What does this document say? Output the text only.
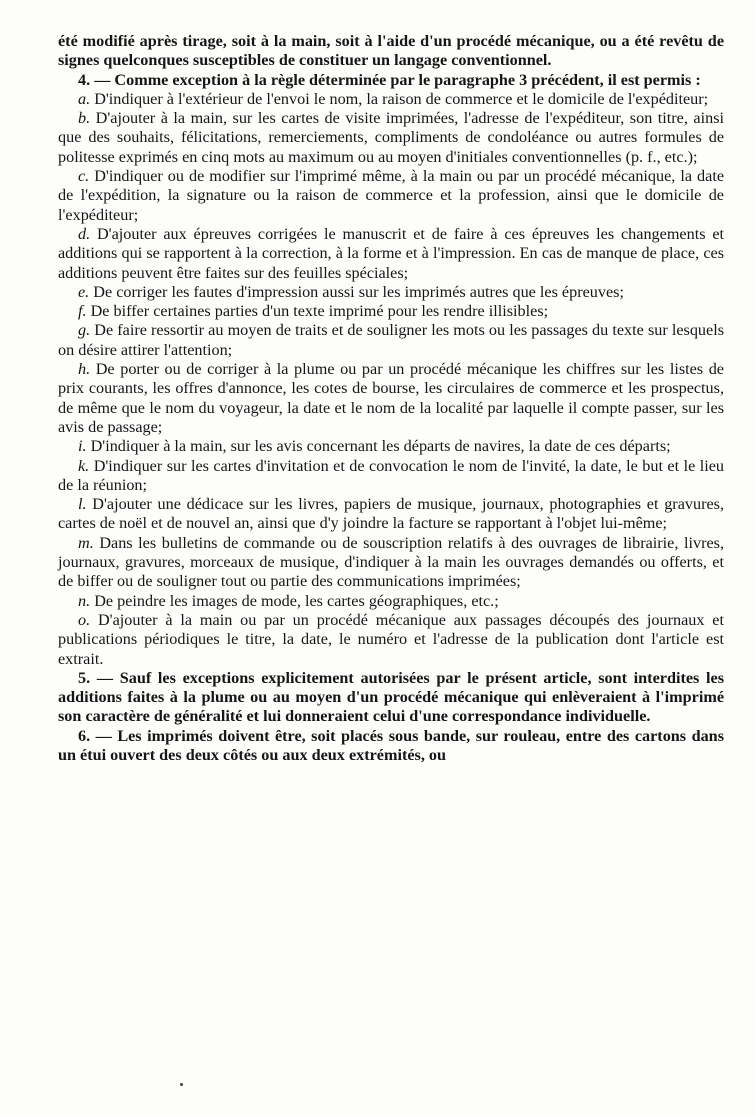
été modifié après tirage, soit à la main, soit à l'aide d'un procédé mécanique, ou a été revêtu de signes quelconques susceptibles de constituer un langage conventionnel.

4. — Comme exception à la règle déterminée par le paragraphe 3 précédent, il est permis :

a. D'indiquer à l'extérieur de l'envoi le nom, la raison de commerce et le domicile de l'expéditeur;

b. D'ajouter à la main, sur les cartes de visite imprimées, l'adresse de l'expéditeur, son titre, ainsi que des souhaits, félicitations, remerciements, compliments de condoléance ou autres formules de politesse exprimés en cinq mots au maximum ou au moyen d'initiales conventionnelles (p. f., etc.);

c. D'indiquer ou de modifier sur l'imprimé même, à la main ou par un procédé mécanique, la date de l'expédition, la signature ou la raison de commerce et la profession, ainsi que le domicile de l'expéditeur;

d. D'ajouter aux épreuves corrigées le manuscrit et de faire à ces épreuves les changements et additions qui se rapportent à la correction, à la forme et à l'impression. En cas de manque de place, ces additions peuvent être faites sur des feuilles spéciales;

e. De corriger les fautes d'impression aussi sur les imprimés autres que les épreuves;

f. De biffer certaines parties d'un texte imprimé pour les rendre illisibles;

g. De faire ressortir au moyen de traits et de souligner les mots ou les passages du texte sur lesquels on désire attirer l'attention;

h. De porter ou de corriger à la plume ou par un procédé mécanique les chiffres sur les listes de prix courants, les offres d'annonce, les cotes de bourse, les circulaires de commerce et les prospectus, de même que le nom du voyageur, la date et le nom de la localité par laquelle il compte passer, sur les avis de passage;

i. D'indiquer à la main, sur les avis concernant les départs de navires, la date de ces départs;

k. D'indiquer sur les cartes d'invitation et de convocation le nom de l'invité, la date, le but et le lieu de la réunion;

l. D'ajouter une dédicace sur les livres, papiers de musique, journaux, photographies et gravures, cartes de noël et de nouvel an, ainsi que d'y joindre la facture se rapportant à l'objet lui-même;

m. Dans les bulletins de commande ou de souscription relatifs à des ouvrages de librairie, livres, journaux, gravures, morceaux de musique, d'indiquer à la main les ouvrages demandés ou offerts, et de biffer ou de souligner tout ou partie des communications imprimées;

n. De peindre les images de mode, les cartes géographiques, etc.;

o. D'ajouter à la main ou par un procédé mécanique aux passages découpés des journaux et publications périodiques le titre, la date, le numéro et l'adresse de la publication dont l'article est extrait.

5. — Sauf les exceptions explicitement autorisées par le présent article, sont interdites les additions faites à la plume ou au moyen d'un procédé mécanique qui enlèveraient à l'imprimé son caractère de généralité et lui donneraient celui d'une correspondance individuelle.

6. — Les imprimés doivent être, soit placés sous bande, sur rouleau, entre des cartons dans un étui ouvert des deux côtés ou aux deux extrémités, ou
